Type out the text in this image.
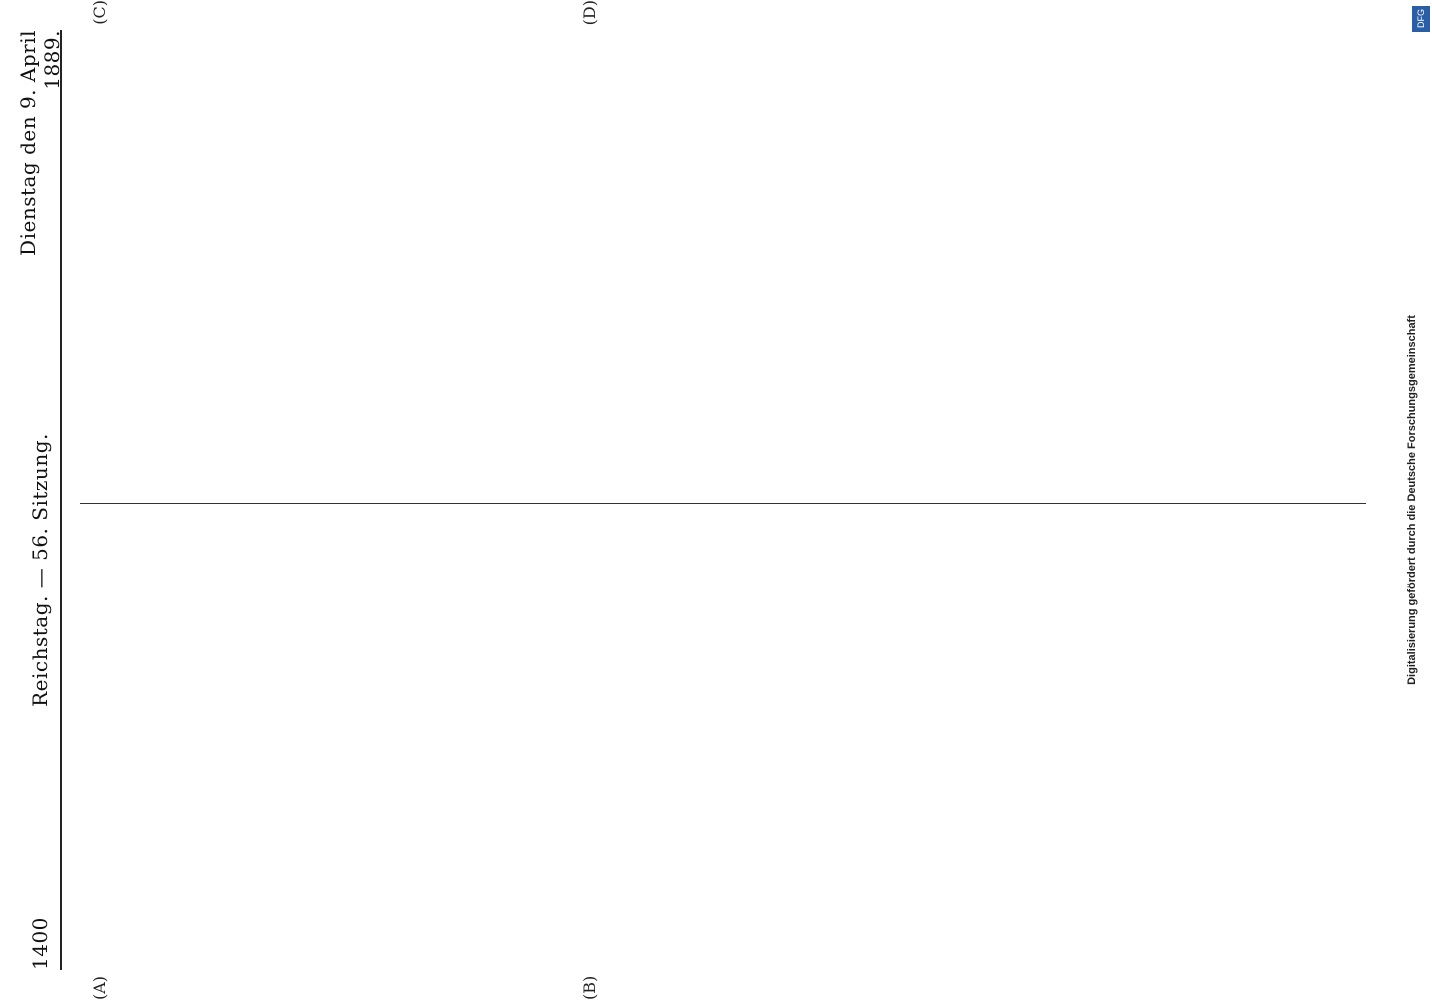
1400
Reichstag. — 56. Sitzung.
Dienstag den 9. April 1889.
(A)	(B)
(C)	(D)
Digitalisierung gefördert durch die Deutsche Forschungsgemeinschaft
DFG
